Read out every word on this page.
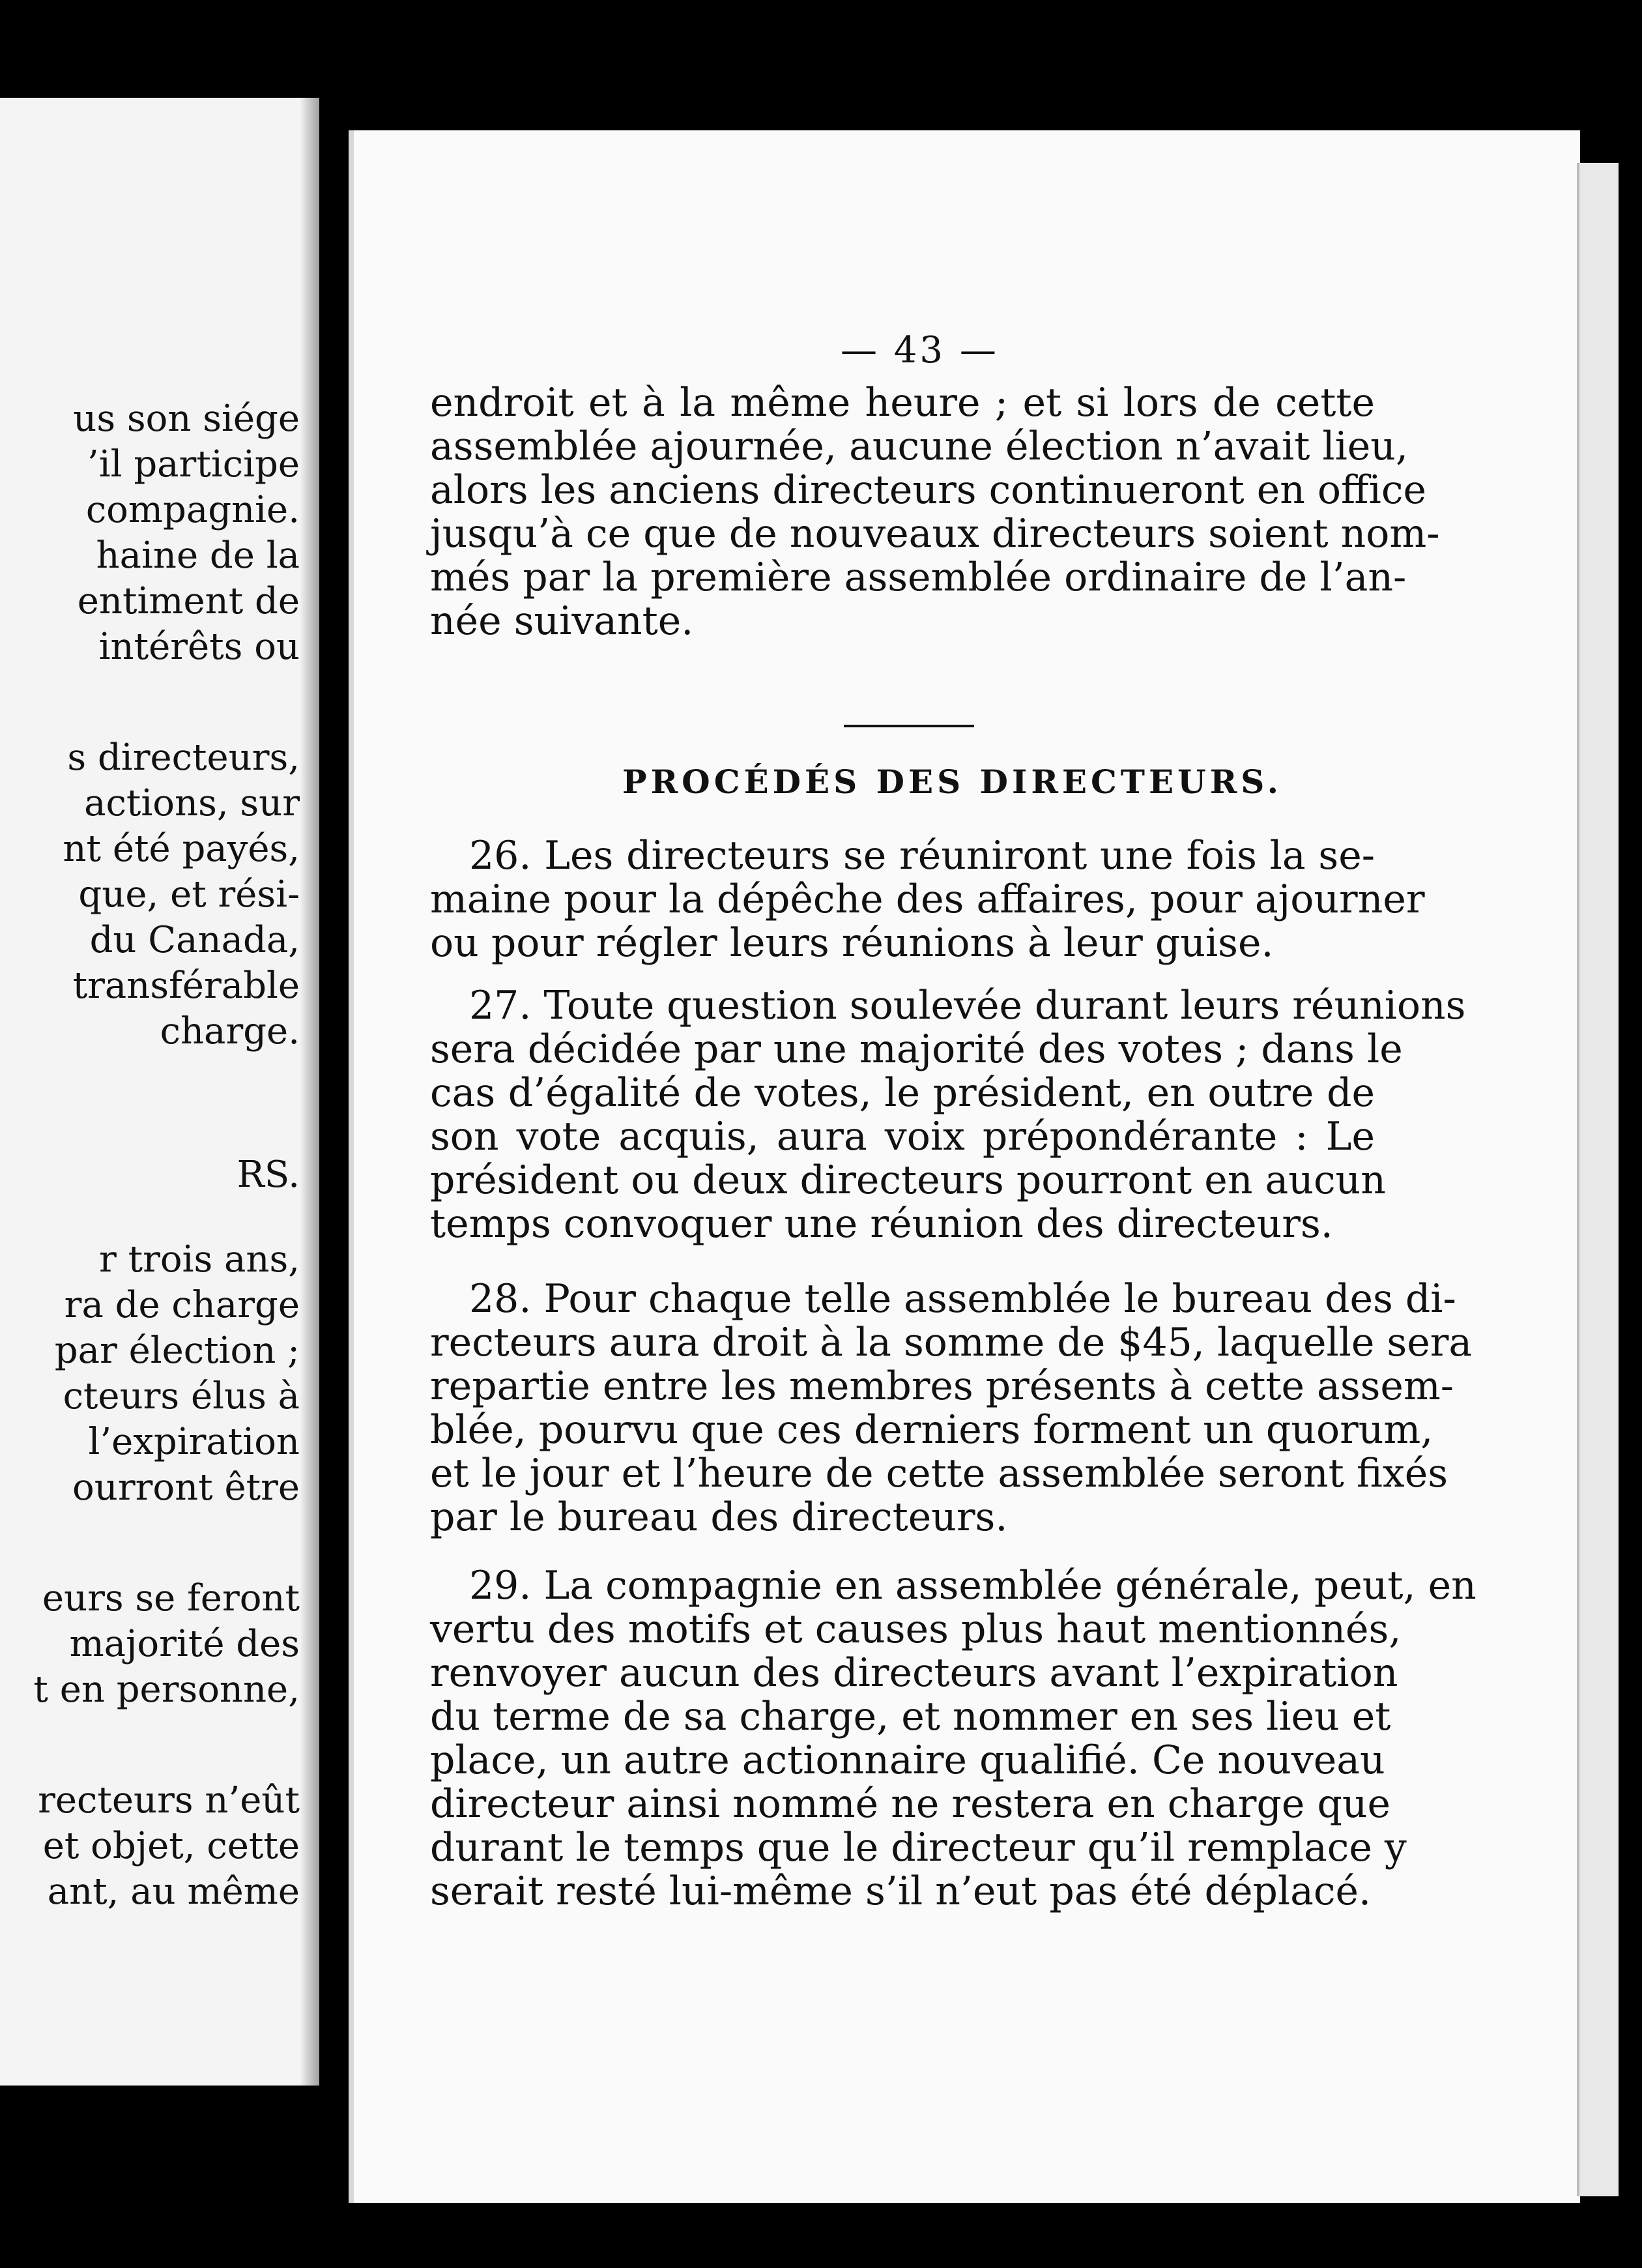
us son siége
’il participe
compagnie.
haine de la
entiment de
intérêts ou
s directeurs,
actions, sur
nt été payés,
que, et rési-
du Canada,
transférable
charge.
RS.
r trois ans,
ra de charge
par élection ;
cteurs élus à
l’expiration
ourront être
eurs se feront
majorité des
t en personne,
recteurs n’eût
et objet, cette
ant, au même
— 43 —
endroit et à la même heure ; et si lors de cette
assemblée ajournée, aucune élection n’avait lieu,
alors les anciens directeurs continueront en office
jusqu’à ce que de nouveaux directeurs soient nom-
més par la première assemblée ordinaire de l’an-
née suivante.
PROCÉDÉS DES DIRECTEURS.
26. Les directeurs se réuniront une fois la se-
maine pour la dépêche des affaires, pour ajourner
ou pour régler leurs réunions à leur guise.
27. Toute question soulevée durant leurs réunions
sera décidée par une majorité des votes ; dans le
cas d’égalité de votes, le président, en outre de
son vote acquis, aura voix prépondérante : Le
président ou deux directeurs pourront en aucun
temps convoquer une réunion des directeurs.
28. Pour chaque telle assemblée le bureau des di-
recteurs aura droit à la somme de $45, laquelle sera
repartie entre les membres présents à cette assem-
blée, pourvu que ces derniers forment un quorum,
et le jour et l’heure de cette assemblée seront fixés
par le bureau des directeurs.
29. La compagnie en assemblée générale, peut, en
vertu des motifs et causes plus haut mentionnés,
renvoyer aucun des directeurs avant l’expiration
du terme de sa charge, et nommer en ses lieu et
place, un autre actionnaire qualifié. Ce nouveau
directeur ainsi nommé ne restera en charge que
durant le temps que le directeur qu’il remplace y
serait resté lui-même s’il n’eut pas été déplacé.
